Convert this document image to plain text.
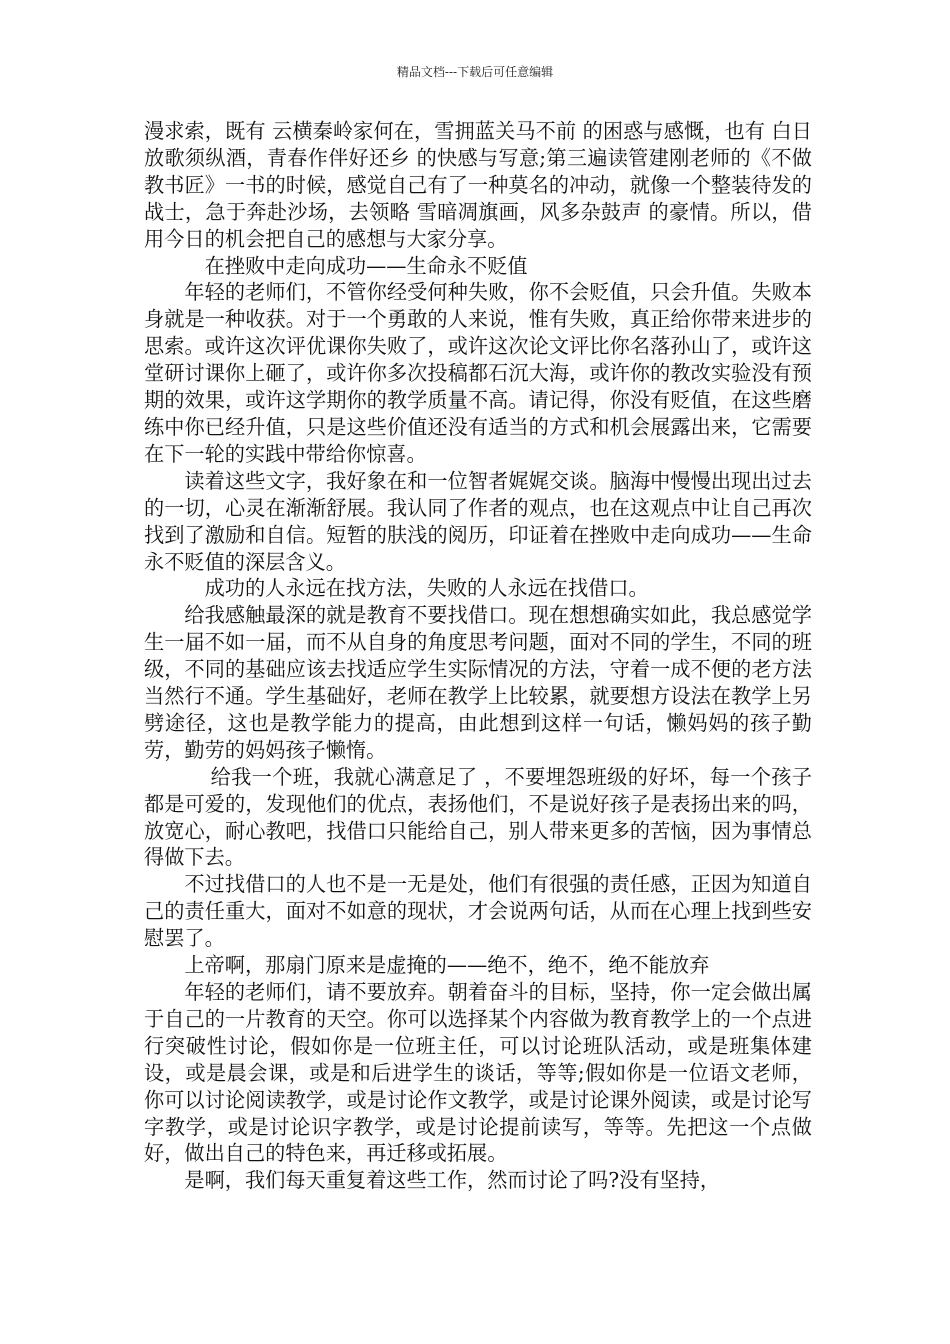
精品文档---下载后可任意编辑

漫求索，既有 云横秦岭家何在，雪拥蓝关马不前 的困惑与感慨，也有 白日放歌须纵酒，青春作伴好还乡 的快感与写意;第三遍读管建刚老师的《不做教书匠》一书的时候，感觉自己有了一种莫名的冲动，就像一个整装待发的战士，急于奔赴沙场，去领略 雪暗凋旗画，风多杂鼓声 的豪情。所以，借用今日的机会把自己的感想与大家分享。

在挫败中走向成功——生命永不贬值

年轻的老师们，不管你经受何种失败，你不会贬值，只会升值。失败本身就是一种收获。对于一个勇敢的人来说，惟有失败，真正给你带来进步的思索。或许这次评优课你失败了，或许这次论文评比你名落孙山了，或许这堂研讨课你上砸了，或许你多次投稿都石沉大海，或许你的教改实验没有预期的效果，或许这学期你的教学质量不高。请记得，你没有贬值，在这些磨练中你已经升值，只是这些价值还没有适当的方式和机会展露出来，它需要在下一轮的实践中带给你惊喜。

读着这些文字，我好象在和一位智者娓娓交谈。脑海中慢慢出现出过去的一切，心灵在渐渐舒展。我认同了作者的观点，也在这观点中让自己再次找到了激励和自信。短暂的肤浅的阅历，印证着在挫败中走向成功——生命永不贬值的深层含义。

成功的人永远在找方法，失败的人永远在找借口。

给我感触最深的就是教育不要找借口。现在想想确实如此，我总感觉学生一届不如一届，而不从自身的角度思考问题，面对不同的学生，不同的班级，不同的基础应该去找适应学生实际情况的方法，守着一成不便的老方法当然行不通。学生基础好，老师在教学上比较累，就要想方设法在教学上另劈途径，这也是教学能力的提高，由此想到这样一句话，懒妈妈的孩子勤劳，勤劳的妈妈孩子懒惰。

给我一个班，我就心满意足了 ，不要埋怨班级的好坏，每一个孩子都是可爱的，发现他们的优点，表扬他们，不是说好孩子是表扬出来的吗，放宽心，耐心教吧，找借口只能给自己，别人带来更多的苦恼，因为事情总得做下去。

不过找借口的人也不是一无是处，他们有很强的责任感，正因为知道自己的责任重大，面对不如意的现状，才会说两句话，从而在心理上找到些安慰罢了。

上帝啊，那扇门原来是虚掩的——绝不，绝不，绝不能放弃

年轻的老师们，请不要放弃。朝着奋斗的目标，坚持，你一定会做出属于自己的一片教育的天空。你可以选择某个内容做为教育教学上的一个点进行突破性讨论，假如你是一位班主任，可以讨论班队活动，或是班集体建设，或是晨会课，或是和后进学生的谈话，等等;假如你是一位语文老师，你可以讨论阅读教学，或是讨论作文教学，或是讨论课外阅读，或是讨论写字教学，或是讨论识字教学，或是讨论提前读写，等等。先把这一个点做好，做出自己的特色来，再迁移或拓展。

是啊，我们每天重复着这些工作，然而讨论了吗?没有坚持，
